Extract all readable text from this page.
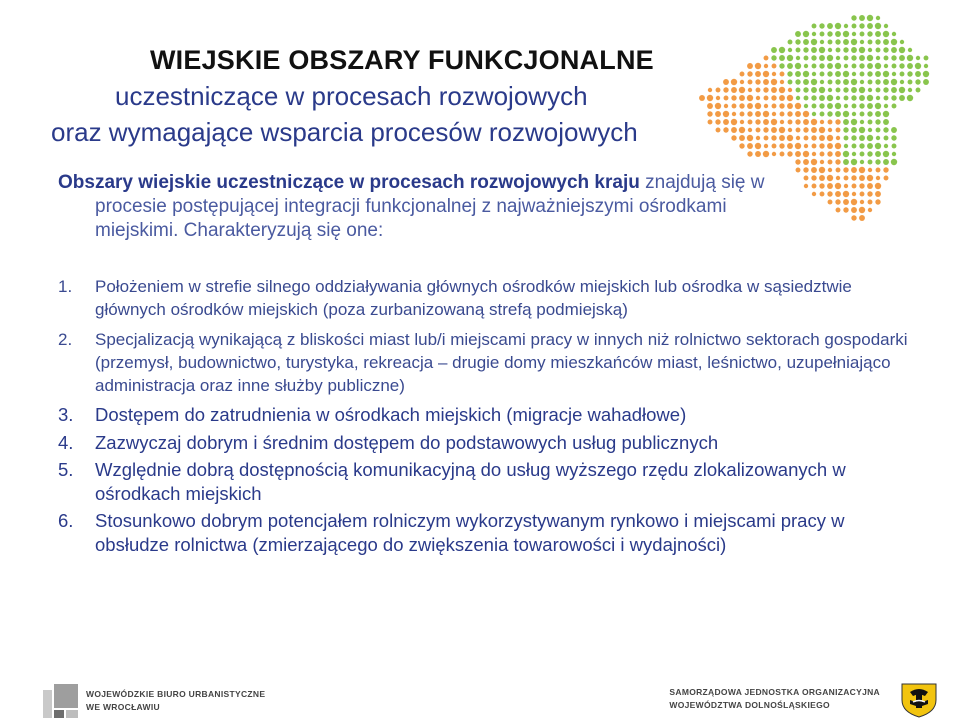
WIEJSKIE OBSZARY FUNKCJONALNE

uczestniczące w procesach rozwojowych

oraz wymagające wsparcia procesów rozwojowych

Obszary wiejskie uczestniczące w procesach rozwojowych kraju znajdują się w
procesie postępującej integracji funkcjonalnej z najważniejszymi ośrodkami
miejskimi. Charakteryzują się one:

1. Położeniem w strefie silnego oddziaływania głównych ośrodków miejskich lub ośrodka w sąsiedztwie głównych ośrodków miejskich (poza zurbanizowaną strefą podmiejską)
2. Specjalizacją wynikającą z bliskości miast lub/i miejscami pracy w innych niż rolnictwo sektorach gospodarki (przemysł, budownictwo, turystyka, rekreacja – drugie domy mieszkańców miast, leśnictwo, uzupełniająco administracja oraz inne służby publiczne)
3. Dostępem do zatrudnienia w ośrodkach miejskich (migracje wahadłowe)
4. Zazwyczaj dobrym i średnim dostępem do podstawowych usług publicznych
5. Względnie dobrą dostępnością komunikacyjną do usług wyższego rzędu zlokalizowanych w ośrodkach miejskich
6. Stosunkowo dobrym potencjałem rolniczym wykorzystywanym rynkowo i miejscami pracy w obsłudze rolnictwa (zmierzającego do zwiększenia towarowości i wydajności)
WOJEWÓDZKIE BIURO URBANISTYCZNE
WE WROCŁAWIU
SAMORZĄDOWA JEDNOSTKA ORGANIZACYJNA
WOJEWÓDZTWA DOLNOŚLĄSKIEGO
